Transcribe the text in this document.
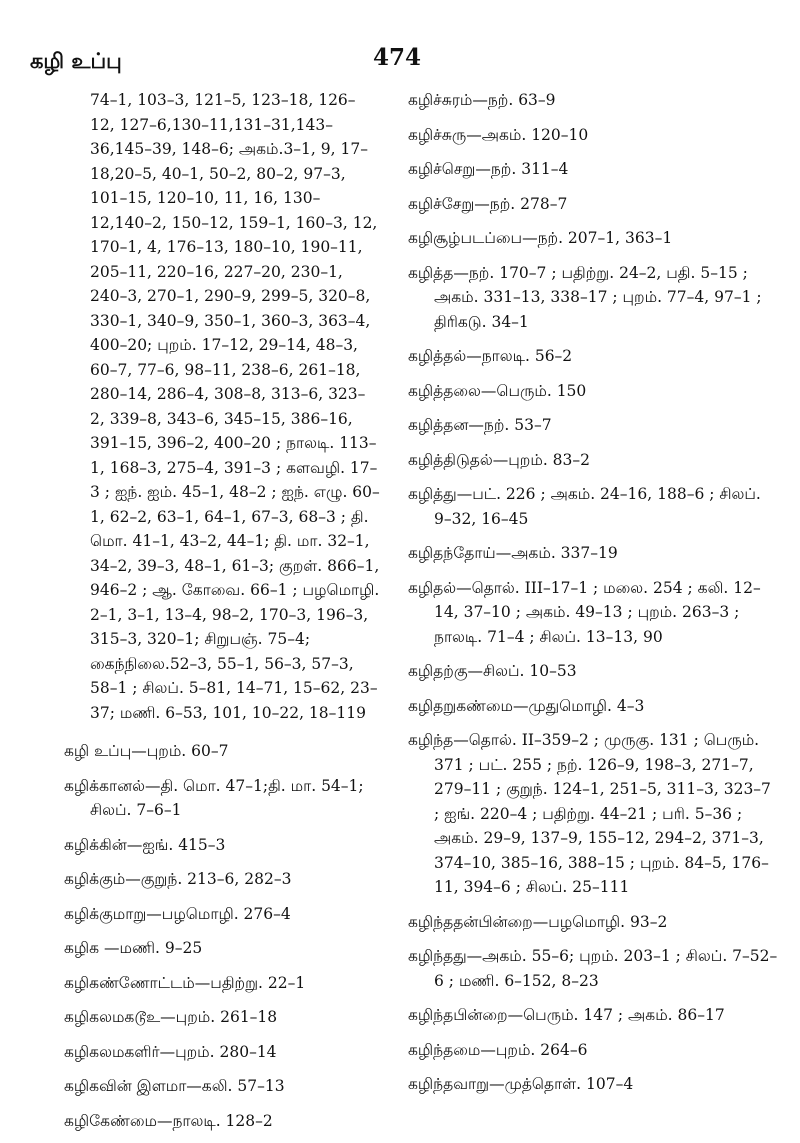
கழி உப்பு	474
74–1, 103–3, 121–5, 123–18, 126–12, 127–6,130–11,131–31,143–36,145–39, 148–6; அகம்.3–1, 9, 17–18,20–5, 40–1, 50–2, 80–2, 97–3, 101–15, 120–10, 11, 16, 130–12,140–2, 150–12, 159–1, 160–3, 12, 170–1, 4, 176–13, 180–10, 190–11, 205–11, 220–16, 227–20, 230–1, 240–3, 270–1, 290–9, 299–5, 320–8, 330–1, 340–9, 350–1, 360–3, 363–4, 400–20; புறம். 17–12, 29–14, 48–3, 60–7, 77–6, 98–11, 238–6, 261–18, 280–14, 286–4, 308–8, 313–6, 323–2, 339–8, 343–6, 345–15, 386–16, 391–15, 396–2, 400–20 ; நாலடி. 113–1, 168–3, 275–4, 391–3 ; களவழி. 17–3 ; ஐந். ஐம். 45–1, 48–2 ; ஐந். எழு. 60–1, 62–2, 63–1, 64–1, 67–3, 68–3 ; தி. மொ. 41–1, 43–2, 44–1; தி. மா. 32–1, 34–2, 39–3, 48–1, 61–3; குறள். 866–1, 946–2 ; ஆ. கோவை. 66–1 ; பழமொழி. 2–1, 3–1, 13–4, 98–2, 170–3, 196–3, 315–3, 320–1; சிறுபஞ். 75–4; கைந்நிலை.52–3, 55–1, 56–3, 57–3, 58–1 ; சிலப். 5–81, 14–71, 15–62, 23–37; மணி. 6–53, 101, 10–22, 18–119
கழி உப்பு—புறம். 60–7
கழிக்கானல்—தி. மொ. 47–1;தி. மா. 54–1; சிலப். 7–6–1
கழிக்கின்—ஐங். 415–3
கழிக்கும்—குறுந். 213–6, 282–3
கழிக்குமாறு—பழமொழி. 276–4
கழிக —மணி. 9–25
கழிகண்ணோட்டம்—பதிற்று. 22–1
கழிகலமகடூஉ—புறம். 261–18
கழிகலமகளிர்—புறம். 280–14
கழிகவின் இளமா—கலி. 57–13
கழிகேண்மை—நாலடி. 128–2
கழிச்சுரம்—நற். 63–9
கழிச்சுரு—அகம். 120–10
கழிச்செறு—நற். 311–4
கழிச்சேறு—நற். 278–7
கழிசூழ்படப்பை—நற். 207–1, 363–1
கழித்த—நற். 170–7 ; பதிற்று. 24–2, பதி. 5–15 ; அகம். 331–13, 338–17 ; புறம். 77–4, 97–1 ; திரிகடு. 34–1
கழித்தல்—நாலடி. 56–2
கழித்தலை—பெரும். 150
கழித்தன—நற். 53–7
கழித்திடுதல்—புறம். 83–2
கழித்து—பட். 226 ; அகம். 24–16, 188–6 ; சிலப். 9–32, 16–45
கழிதந்தோய்—அகம். 337–19
கழிதல்—தொல். III–17–1 ; மலை. 254 ; கலி. 12–14, 37–10 ; அகம். 49–13 ; புறம். 263–3 ; நாலடி. 71–4 ; சிலப். 13–13, 90
கழிதற்கு—சிலப். 10–53
கழிதறுகண்மை—முதுமொழி. 4–3
கழிந்த—தொல். II–359–2 ; முருகு. 131 ; பெரும். 371 ; பட். 255 ; நற். 126–9, 198–3, 271–7, 279–11 ; குறுந். 124–1, 251–5, 311–3, 323–7 ; ஐங். 220–4 ; பதிற்று. 44–21 ; பரி. 5–36 ; அகம். 29–9, 137–9, 155–12, 294–2, 371–3, 374–10, 385–16, 388–15 ; புறம். 84–5, 176–11, 394–6 ; சிலப். 25–111
கழிந்ததன்பின்றை—பழமொழி. 93–2
கழிந்தது—அகம். 55–6; புறம். 203–1 ; சிலப். 7–52–6 ; மணி. 6–152, 8–23
கழிந்தபின்றை—பெரும். 147 ; அகம். 86–17
கழிந்தமை—புறம். 264–6
கழிந்தவாறு—முத்தொள். 107–4
